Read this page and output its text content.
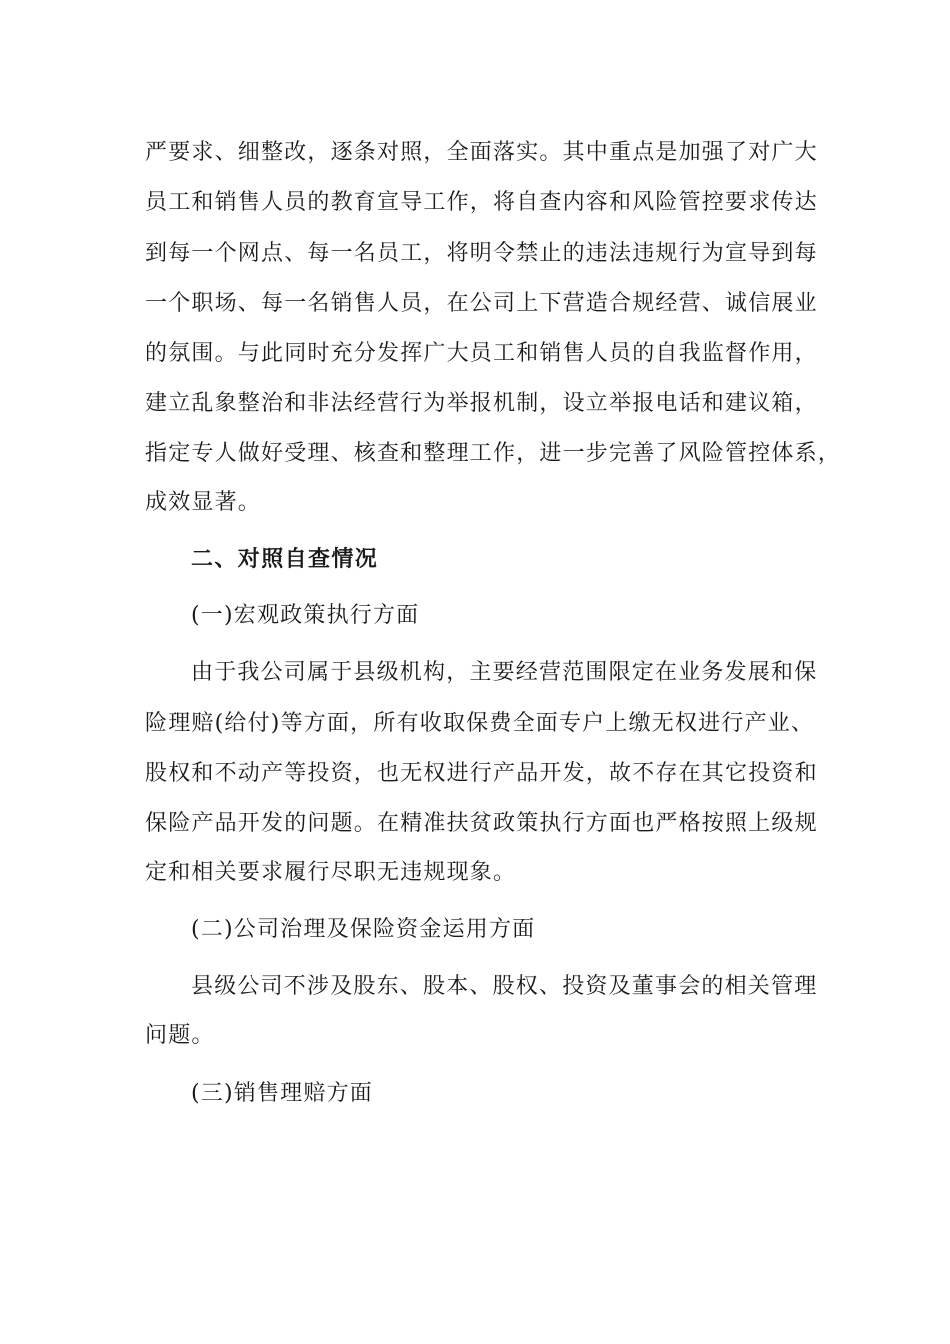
严要求、细整改，逐条对照，全面落实。其中重点是加强了对广大
员工和销售人员的教育宣导工作，将自查内容和风险管控要求传达
到每一个网点、每一名员工，将明令禁止的违法违规行为宣导到每
一个职场、每一名销售人员，在公司上下营造合规经营、诚信展业
的氛围。与此同时充分发挥广大员工和销售人员的自我监督作用，
建立乱象整治和非法经营行为举报机制，设立举报电话和建议箱，
指定专人做好受理、核查和整理工作，进一步完善了风险管控体系，
成效显著。
二、对照自查情况
(一)宏观政策执行方面
由于我公司属于县级机构，主要经营范围限定在业务发展和保
险理赔(给付)等方面，所有收取保费全面专户上缴无权进行产业、
股权和不动产等投资，也无权进行产品开发，故不存在其它投资和
保险产品开发的问题。在精准扶贫政策执行方面也严格按照上级规
定和相关要求履行尽职无违规现象。
(二)公司治理及保险资金运用方面
县级公司不涉及股东、股本、股权、投资及董事会的相关管理
问题。
(三)销售理赔方面
